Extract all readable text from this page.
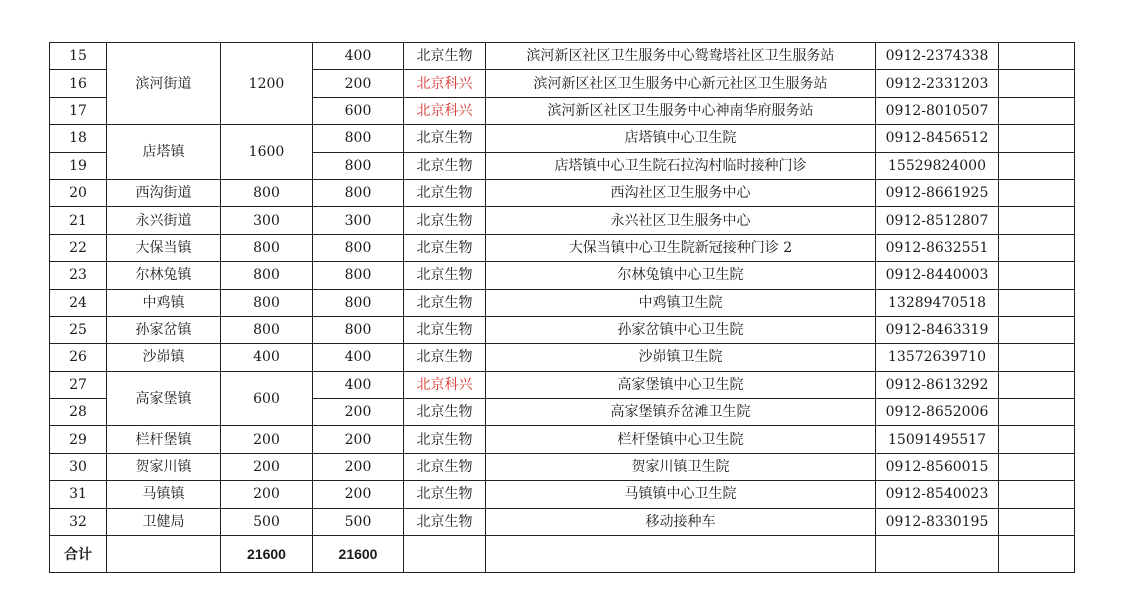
15	滨河街道	1200	400	北京生物	滨河新区社区卫生服务中心鸳鸯塔社区卫生服务站	0912-2374338	
16			200	北京科兴	滨河新区社区卫生服务中心新元社区卫生服务站	0912-2331203	
17			600	北京科兴	滨河新区社区卫生服务中心神南华府服务站	0912-8010507	
18	店塔镇	1600	800	北京生物	店塔镇中心卫生院	0912-8456512	
19			800	北京生物	店塔镇中心卫生院石拉沟村临时接种门诊	15529824000	
20	西沟街道	800	800	北京生物	西沟社区卫生服务中心	0912-8661925	
21	永兴街道	300	300	北京生物	永兴社区卫生服务中心	0912-8512807	
22	大保当镇	800	800	北京生物	大保当镇中心卫生院新冠接种门诊 2	0912-8632551	
23	尔林兔镇	800	800	北京生物	尔林兔镇中心卫生院	0912-8440003	
24	中鸡镇	800	800	北京生物	中鸡镇卫生院	13289470518	
25	孙家岔镇	800	800	北京生物	孙家岔镇中心卫生院	0912-8463319	
26	沙峁镇	400	400	北京生物	沙峁镇卫生院	13572639710	
27	高家堡镇	600	400	北京科兴	高家堡镇中心卫生院	0912-8613292	
28			200	北京生物	高家堡镇乔岔滩卫生院	0912-8652006	
29	栏杆堡镇	200	200	北京生物	栏杆堡镇中心卫生院	15091495517	
30	贺家川镇	200	200	北京生物	贺家川镇卫生院	0912-8560015	
31	马镇镇	200	200	北京生物	马镇镇中心卫生院	0912-8540023	
32	卫健局	500	500	北京生物	移动接种车	0912-8330195	
合计		21600	21600				
